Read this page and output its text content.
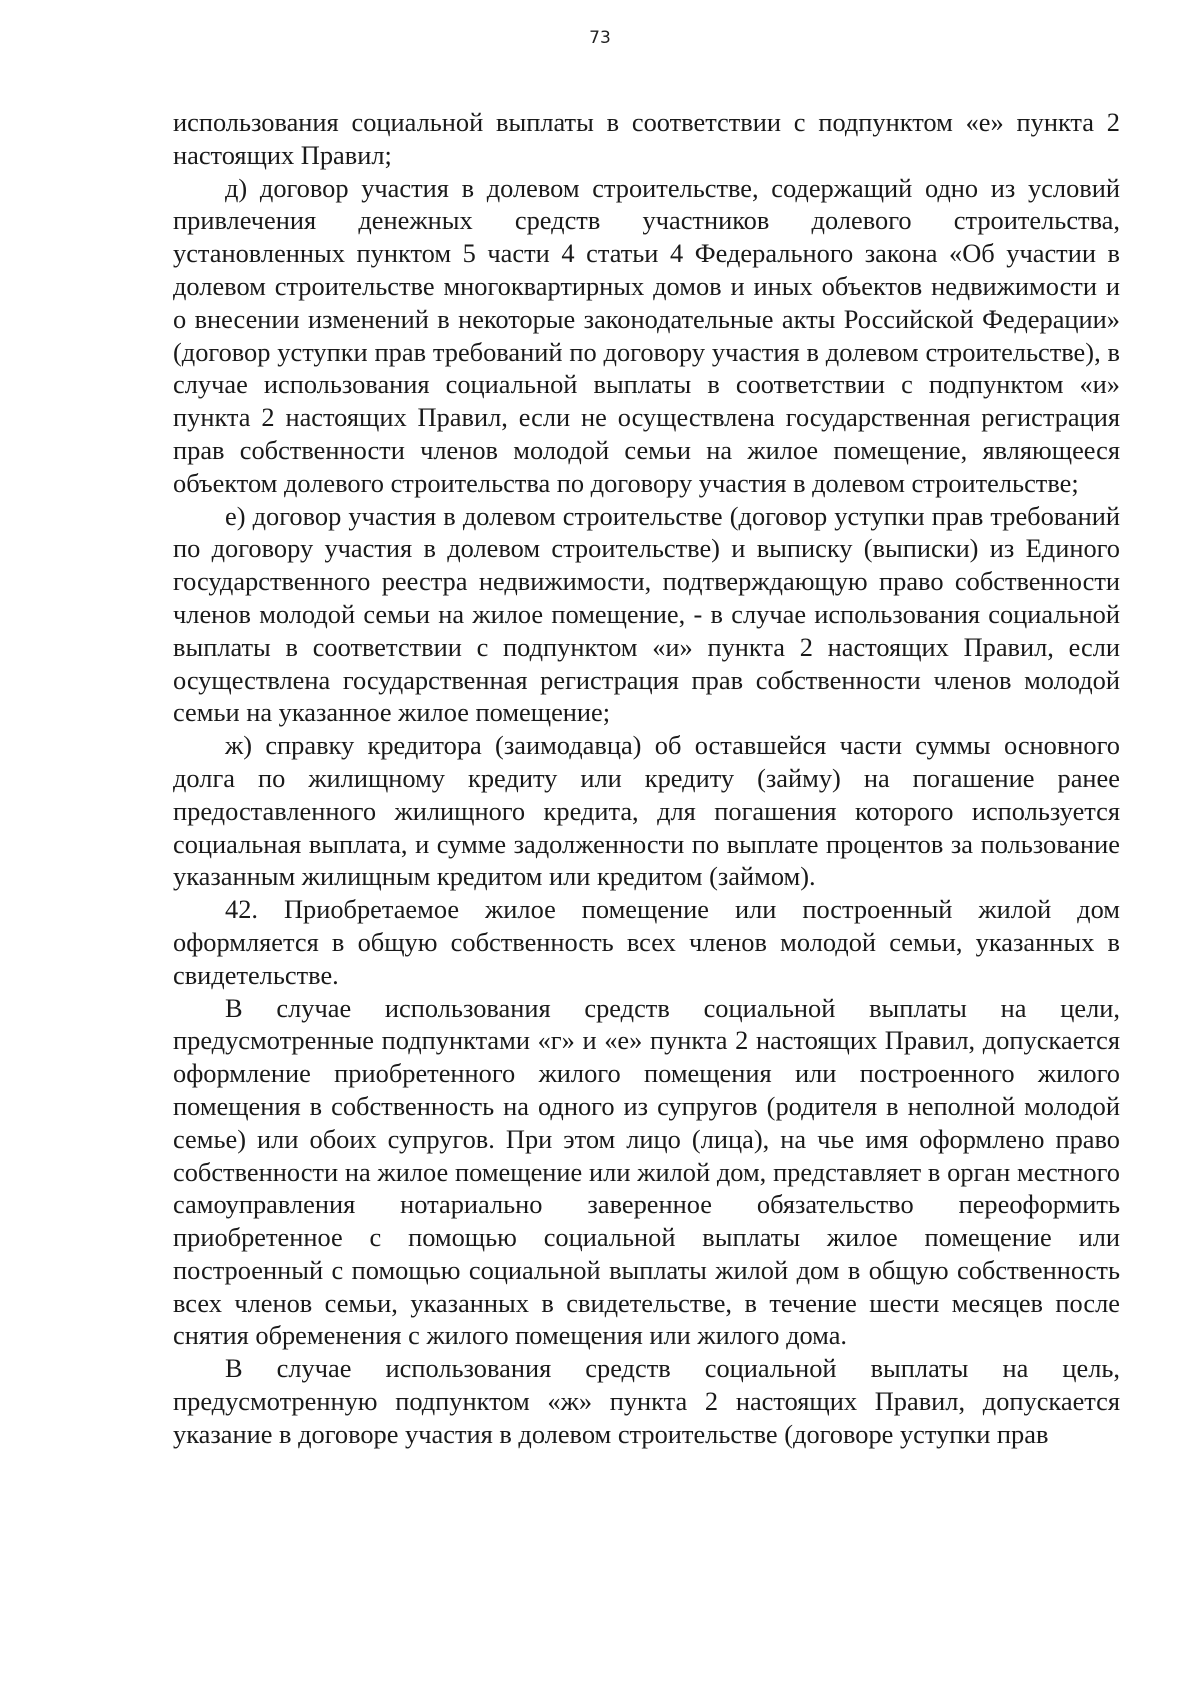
73

использования социальной выплаты в соответствии с подпунктом «е» пункта 2 настоящих Правил;

д) договор участия в долевом строительстве, содержащий одно из условий привлечения денежных средств участников долевого строительства, установленных пунктом 5 части 4 статьи 4 Федерального закона «Об участии в долевом строительстве многоквартирных домов и иных объектов недвижимости и о внесении изменений в некоторые законодательные акты Российской Федерации» (договор уступки прав требований по договору участия в долевом строительстве), в случае использования социальной выплаты в соответствии с подпунктом «и» пункта 2 настоящих Правил, если не осуществлена государственная регистрация прав собственности членов молодой семьи на жилое помещение, являющееся объектом долевого строительства по договору участия в долевом строительстве;

е) договор участия в долевом строительстве (договор уступки прав требований по договору участия в долевом строительстве) и выписку (выписки) из Единого государственного реестра недвижимости, подтверждающую право собственности членов молодой семьи на жилое помещение, - в случае использования социальной выплаты в соответствии с подпунктом «и» пункта 2 настоящих Правил, если осуществлена государственная регистрация прав собственности членов молодой семьи на указанное жилое помещение;

ж) справку кредитора (заимодавца) об оставшейся части суммы основного долга по жилищному кредиту или кредиту (займу) на погашение ранее предоставленного жилищного кредита, для погашения которого используется социальная выплата, и сумме задолженности по выплате процентов за пользование указанным жилищным кредитом или кредитом (займом).

42. Приобретаемое жилое помещение или построенный жилой дом оформляется в общую собственность всех членов молодой семьи, указанных в свидетельстве.

В случае использования средств социальной выплаты на цели, предусмотренные подпунктами «г» и «е» пункта 2 настоящих Правил, допускается оформление приобретенного жилого помещения или построенного жилого помещения в собственность на одного из супругов (родителя в неполной молодой семье) или обоих супругов. При этом лицо (лица), на чье имя оформлено право собственности на жилое помещение или жилой дом, представляет в орган местного самоуправления нотариально заверенное обязательство переоформить приобретенное с помощью социальной выплаты жилое помещение или построенный с помощью социальной выплаты жилой дом в общую собственность всех членов семьи, указанных в свидетельстве, в течение шести месяцев после снятия обременения с жилого помещения или жилого дома.

В случае использования средств социальной выплаты на цель, предусмотренную подпунктом «ж» пункта 2 настоящих Правил, допускается указание в договоре участия в долевом строительстве (договоре уступки прав
